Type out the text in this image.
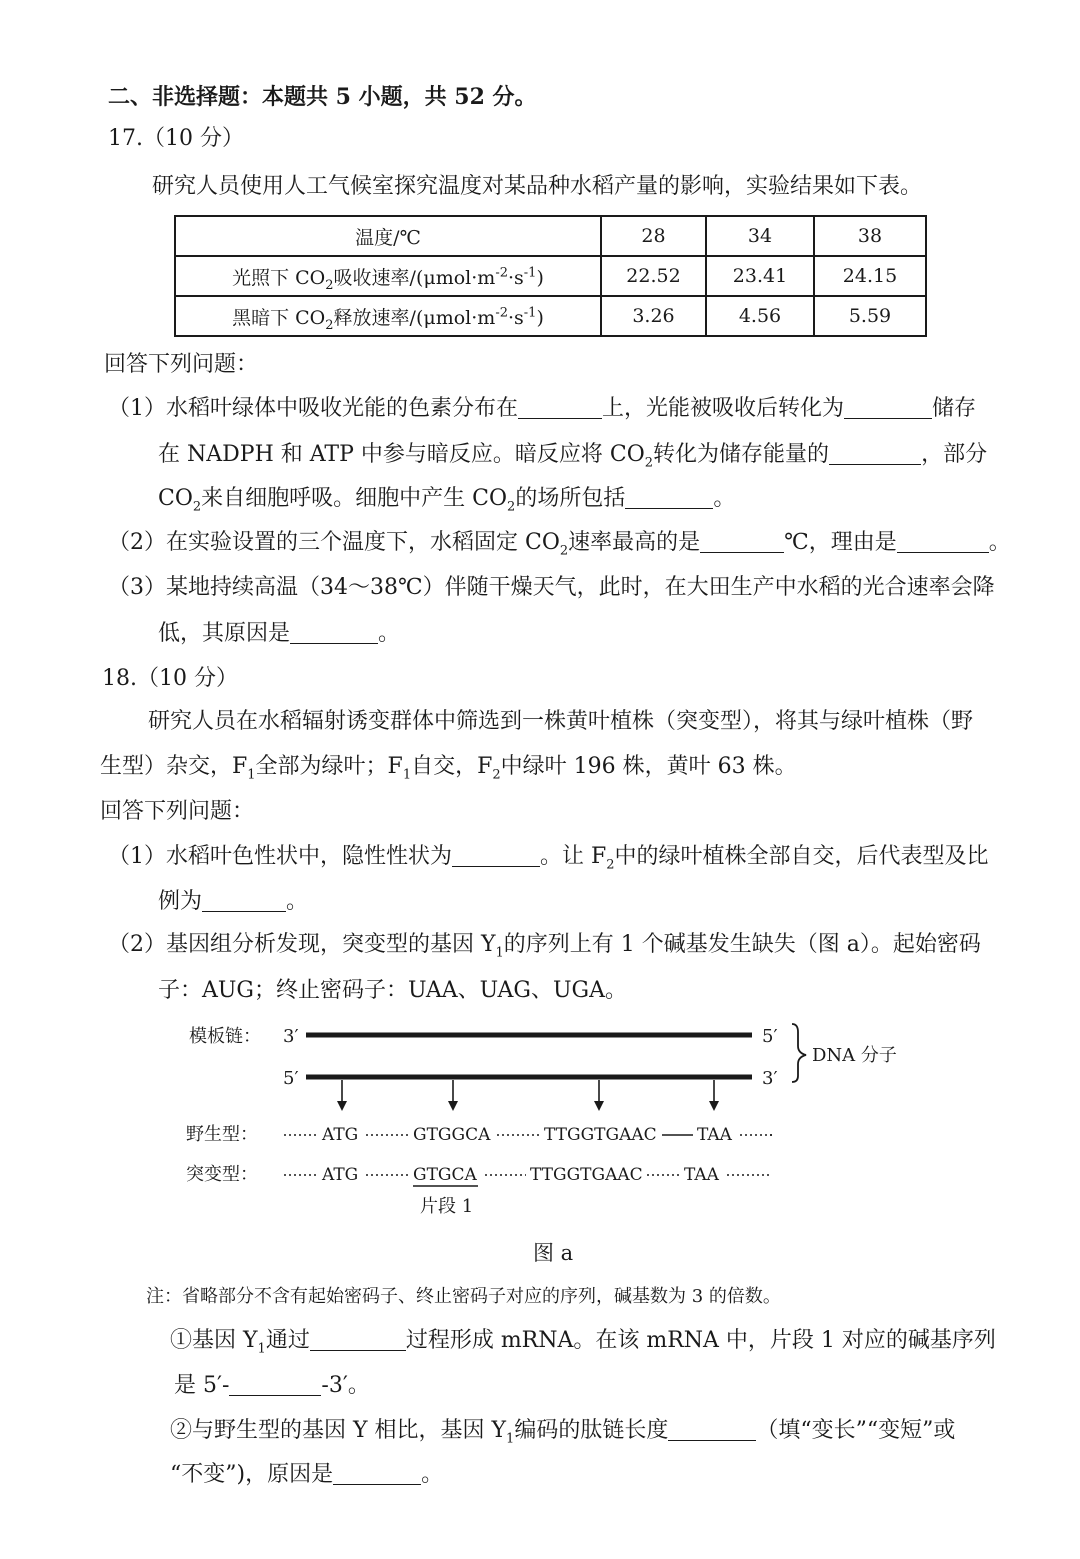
二、非选择题：本题共 5 小题，共 52 分。
17.（10 分）
研究人员使用人工气候室探究温度对某品种水稻产量的影响，实验结果如下表。
温度/℃	28	34	38
光照下 $CO_2$吸收速率$/(\mu mol\cdot m^{-2}\cdot s^{-1})$	22.52	23.41	24.15
黑暗下 $CO_2$释放速率$/(\mu mol\cdot m^{-2}\cdot s^{-1})$	3.26	4.56	5.59
回答下列问题：
（1）水稻叶绿体中吸收光能的色素分布在	上，光能被吸收后转化为	储存
在 NADPH 和 ATP 中参与暗反应。暗反应将 $CO_2$转化为储存能量的	，部分
$CO_2$来自细胞呼吸。细胞中产生 $CO_2$的场所包括	。
（2）在实验设置的三个温度下，水稻固定 $CO_2$速率最高的是	℃，理由是	。
（3）某地持续高温（34～38℃）伴随干燥天气，此时，在大田生产中水稻的光合速率会降
低，其原因是	。
18.（10 分）
研究人员在水稻辐射诱变群体中筛选到一株黄叶植株（突变型），将其与绿叶植株（野
生型）杂交，$F_1$全部为绿叶；$F_1$自交，$F_2$中绿叶 196 株，黄叶 63 株。
回答下列问题：
（1）水稻叶色性状中，隐性性状为	。让 $F_2$中的绿叶植株全部自交，后代表型及比
例为	。
（2）基因组分析发现，突变型的基因 $Y_1$的序列上有 1 个碱基发生缺失（图 a）。起始密码
子：AUG；终止密码子：UAA、UAG、UGA。
模板链： 3′	5′
5′	3′
DNA 分子
野生型：
突变型：
ATG	GTGGCA	TTGGTGAAC TAA
ATG	GTGCA	TTGGTGAAC TAA
片段 1
图 a
注：省略部分不含有起始密码子、终止密码子对应的序列，碱基数为 3 的倍数。
①基因 $Y_1$通过	过程形成 mRNA。在该 mRNA 中，片段 1 对应的碱基序列
是 5′-	-3′。
②与野生型的基因 Y 相比，基因 $Y_1$编码的肽链长度	（填“变长”“变短”或
“不变”)，原因是	。
